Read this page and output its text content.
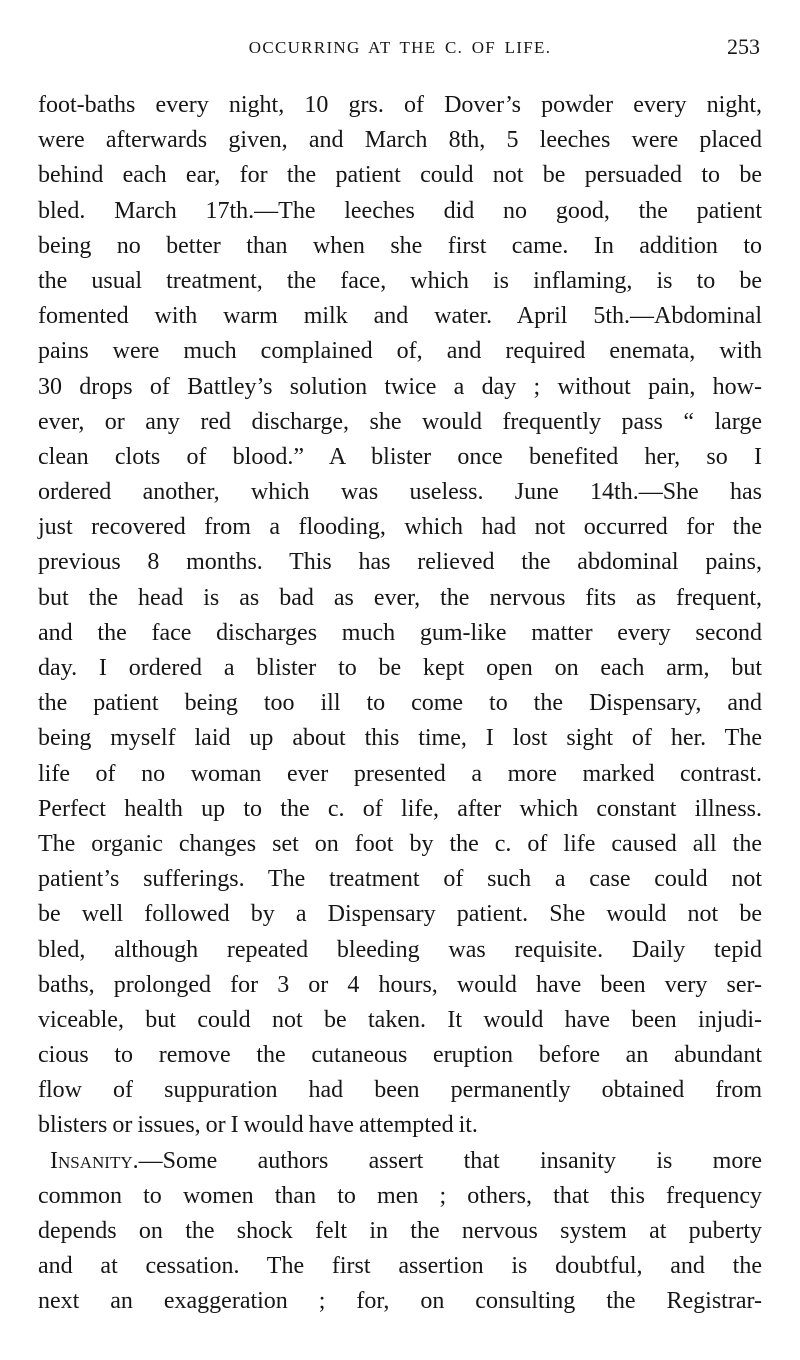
OCCURRING AT THE C. OF LIFE.	253
foot-baths every night, 10 grs. of Dover’s powder every night,
were afterwards given, and March 8th, 5 leeches were placed
behind each ear, for the patient could not be persuaded to be
bled. March 17th.—The leeches did no good, the patient
being no better than when she first came. In addition to
the usual treatment, the face, which is inflaming, is to be
fomented with warm milk and water. April 5th.—Abdominal
pains were much complained of, and required enemata, with
30 drops of Battley’s solution twice a day ; without pain, how-
ever, or any red discharge, she would frequently pass “ large
clean clots of blood.” A blister once benefited her, so I
ordered another, which was useless. June 14th.—She has
just recovered from a flooding, which had not occurred for the
previous 8 months. This has relieved the abdominal pains,
but the head is as bad as ever, the nervous fits as frequent,
and the face discharges much gum-like matter every second
day. I ordered a blister to be kept open on each arm, but
the patient being too ill to come to the Dispensary, and
being myself laid up about this time, I lost sight of her. The
life of no woman ever presented a more marked contrast.
Perfect health up to the c. of life, after which constant illness.
The organic changes set on foot by the c. of life caused all the
patient’s sufferings. The treatment of such a case could not
be well followed by a Dispensary patient. She would not be
bled, although repeated bleeding was requisite. Daily tepid
baths, prolonged for 3 or 4 hours, would have been very ser-
viceable, but could not be taken. It would have been injudi-
cious to remove the cutaneous eruption before an abundant
flow of suppuration had been permanently obtained from
blisters or issues, or I would have attempted it.
Insanity.—Some authors assert that insanity is more
common to women than to men ; others, that this frequency
depends on the shock felt in the nervous system at puberty
and at cessation. The first assertion is doubtful, and the
next an exaggeration ; for, on consulting the Registrar-
